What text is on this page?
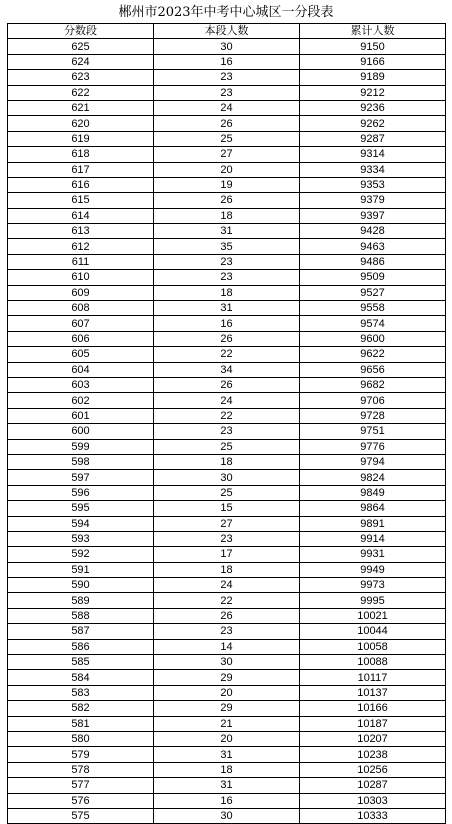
郴州市2023年中考中心城区一分段表
分数段	本段人数	累计人数
625	30	9150
624	16	9166
623	23	9189
622	23	9212
621	24	9236
620	26	9262
619	25	9287
618	27	9314
617	20	9334
616	19	9353
615	26	9379
614	18	9397
613	31	9428
612	35	9463
611	23	9486
610	23	9509
609	18	9527
608	31	9558
607	16	9574
606	26	9600
605	22	9622
604	34	9656
603	26	9682
602	24	9706
601	22	9728
600	23	9751
599	25	9776
598	18	9794
597	30	9824
596	25	9849
595	15	9864
594	27	9891
593	23	9914
592	17	9931
591	18	9949
590	24	9973
589	22	9995
588	26	10021
587	23	10044
586	14	10058
585	30	10088
584	29	10117
583	20	10137
582	29	10166
581	21	10187
580	20	10207
579	31	10238
578	18	10256
577	31	10287
576	16	10303
575	30	10333
